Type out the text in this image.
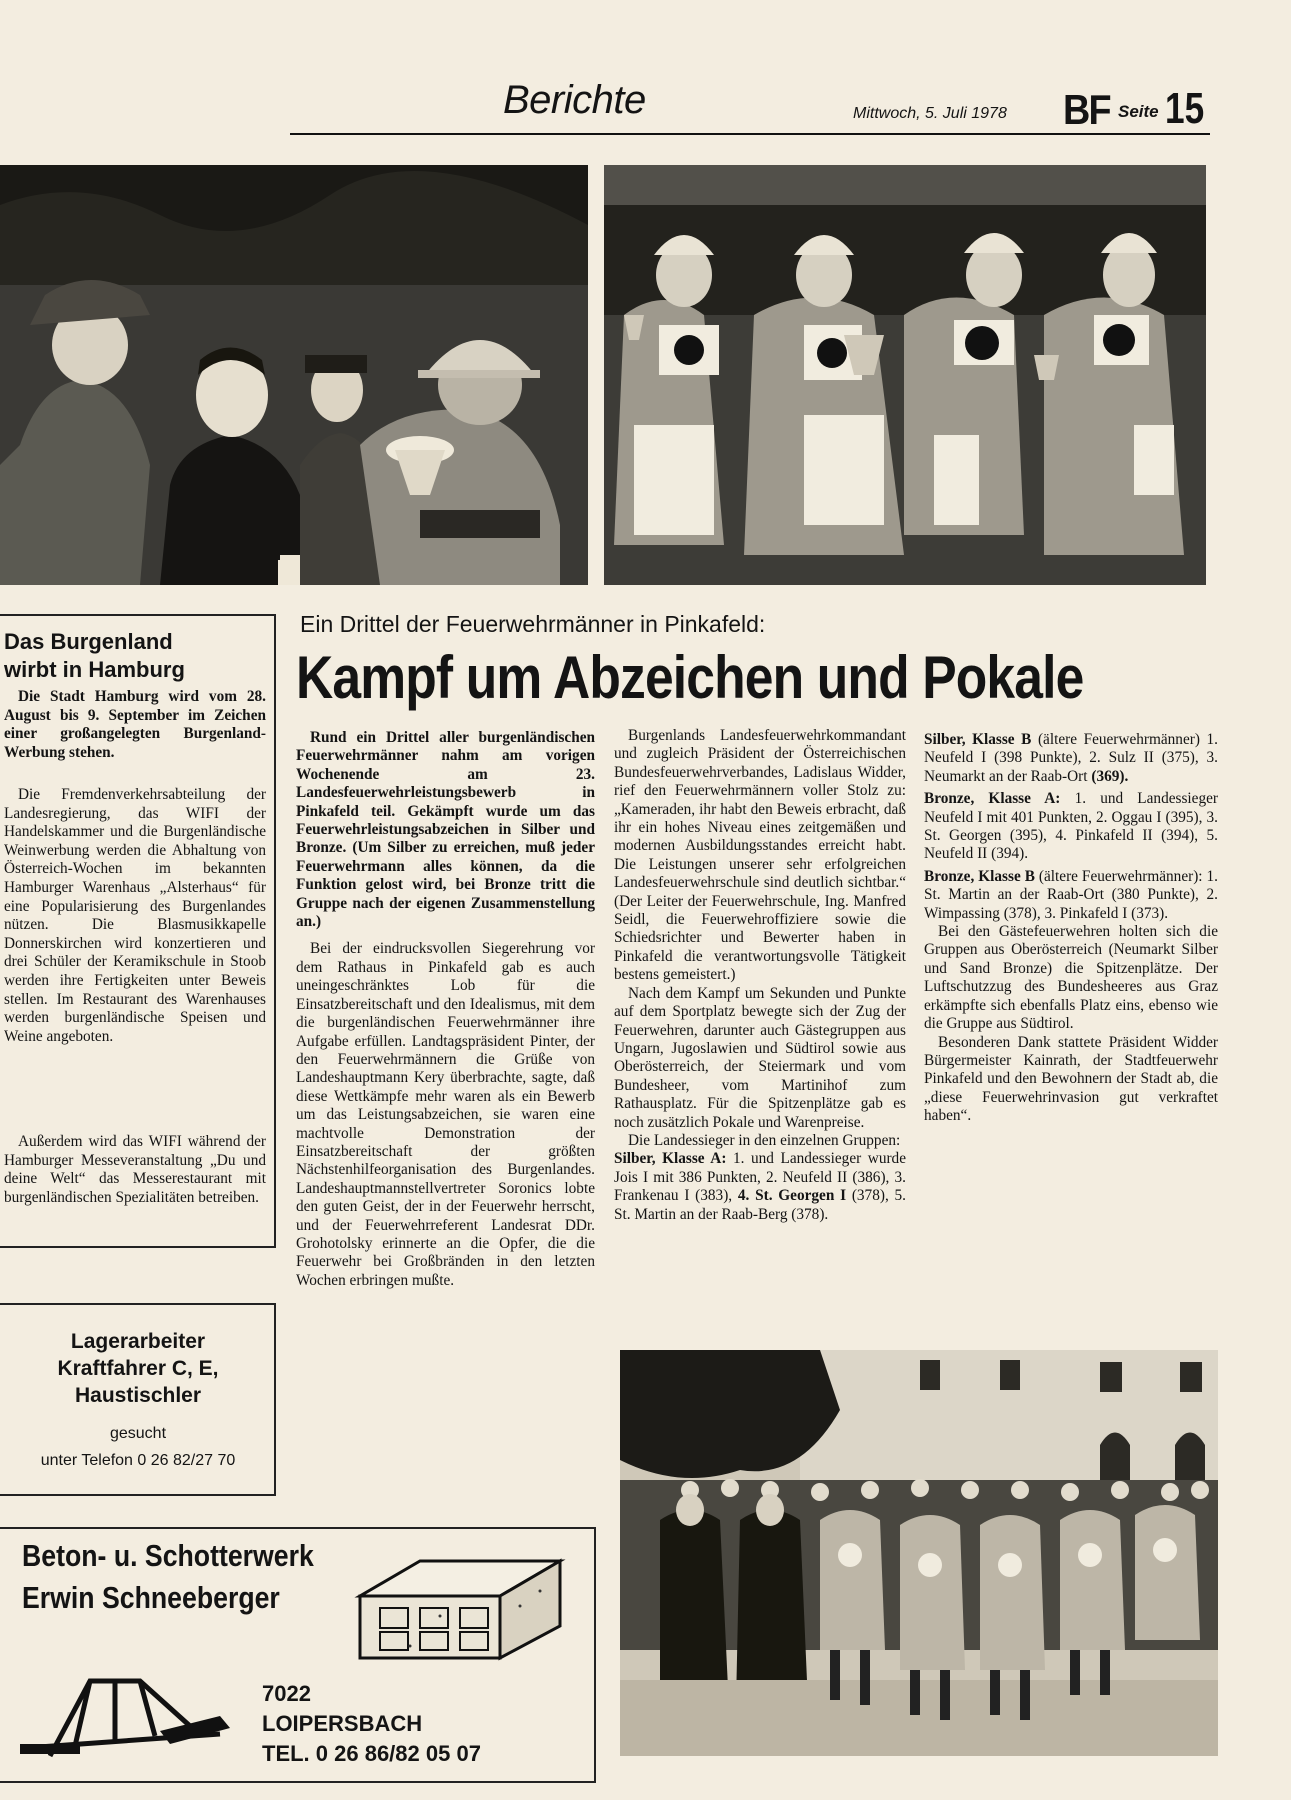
Berichte	Mittwoch, 5. Juli 1978 BF Seite 15
Das Burgenland
wirbt in Hamburg
Die Stadt Hamburg wird vom 28. August bis 9. September im Zeichen einer großangelegten Burgenland-Werbung stehen.
Die Fremdenverkehrsabteilung der Landesregierung, das WIFI der Handelskammer und die Burgenländische Weinwerbung werden die Abhaltung von Österreich-Wochen im bekannten Hamburger Warenhaus „Alsterhaus“ für eine Popularisierung des Burgenlandes nützen. Die Blasmusikkapelle Donnerskirchen wird konzertieren und drei Schüler der Keramikschule in Stoob werden ihre Fertigkeiten unter Beweis stellen. Im Restaurant des Warenhauses werden burgenländische Speisen und Weine angeboten.
Außerdem wird das WIFI während der Hamburger Messeveranstaltung „Du und deine Welt“ das Messerestaurant mit burgenländischen Spezialitäten betreiben.
Lagerarbeiter
Kraftfahrer C, E,
Haustischler
gesucht
unter Telefon 0 26 82/27 70
Beton- u. Schotterwerk
Erwin Schneeberger
7022
LOIPERSBACH
TEL. 0 26 86/82 05 07
Ein Drittel der Feuerwehrmänner in Pinkafeld:
Kampf um Abzeichen und Pokale

Rund ein Drittel aller burgenländischen Feuerwehrmänner nahm am vorigen Wochenende am 23. Landesfeuerwehrleistungsbewerb in Pinkafeld teil. Gekämpft wurde um das Feuerwehrleistungsabzeichen in Silber und Bronze. (Um Silber zu erreichen, muß jeder Feuerwehrmann alles können, da die Funktion gelost wird, bei Bronze tritt die Gruppe nach der eigenen Zusammenstellung an.)

Bei der eindrucksvollen Siegerehrung vor dem Rathaus in Pinkafeld gab es auch uneingeschränktes Lob für die Einsatzbereitschaft und den Idealismus, mit dem die burgenländischen Feuerwehrmänner ihre Aufgabe erfüllen. Landtagspräsident Pinter, der den Feuerwehrmännern die Grüße von Landeshauptmann Kery überbrachte, sagte, daß diese Wettkämpfe mehr waren als ein Bewerb um das Leistungsabzeichen, sie waren eine machtvolle Demonstration der Einsatzbereitschaft der größten Nächstenhilfeorganisation des Burgenlandes. Landeshauptmannstellvertreter Soronics lobte den guten Geist, der in der Feuerwehr herrscht, und der Feuerwehrreferent Landesrat DDr. Grohotolsky erinnerte an die Opfer, die die Feuerwehr bei Großbränden in den letzten Wochen erbringen mußte.

Burgenlands Landesfeuerwehrkommandant und zugleich Präsident der Österreichischen Bundesfeuerwehrverbandes, Ladislaus Widder, rief den Feuerwehrmännern voller Stolz zu: „Kameraden, ihr habt den Beweis erbracht, daß ihr ein hohes Niveau eines zeitgemäßen und modernen Ausbildungsstandes erreicht habt. Die Leistungen unserer sehr erfolgreichen Landesfeuerwehrschule sind deutlich sichtbar.“ (Der Leiter der Feuerwehrschule, Ing. Manfred Seidl, die Feuerwehroffiziere sowie die Schiedsrichter und Bewerter haben in Pinkafeld die verantwortungsvolle Tätigkeit bestens gemeistert.)

Nach dem Kampf um Sekunden und Punkte auf dem Sportplatz bewegte sich der Zug der Feuerwehren, darunter auch Gästegruppen aus Ungarn, Jugoslawien und Südtirol sowie aus Oberösterreich, der Steiermark und vom Bundesheer, vom Martinihof zum Rathausplatz. Für die Spitzenplätze gab es noch zusätzlich Pokale und Warenpreise.

Die Landessieger in den einzelnen Gruppen:

Silber, Klasse A: 1. und Landessieger wurde Jois I mit 386 Punkten, 2. Neufeld II (386), 3. Frankenau I (383), 4. St. Georgen I (378), 5. St. Martin an der Raab-Berg (378).

Silber, Klasse B (ältere Feuerwehrmänner) 1. Neufeld I (398 Punkte), 2. Sulz II (375), 3. Neumarkt an der Raab-Ort (369).

Bronze, Klasse A: 1. und Landessieger Neufeld I mit 401 Punkten, 2. Oggau I (395), 3. St. Georgen (395), 4. Pinkafeld II (394), 5. Neufeld II (394).

Bronze, Klasse B (ältere Feuerwehrmänner): 1. St. Martin an der Raab-Ort (380 Punkte), 2. Wimpassing (378), 3. Pinkafeld I (373).

Bei den Gästefeuerwehren holten sich die Gruppen aus Oberösterreich (Neumarkt Silber und Sand Bronze) die Spitzenplätze. Der Luftschutzzug des Bundesheeres aus Graz erkämpfte sich ebenfalls Platz eins, ebenso wie die Gruppe aus Südtirol.

Besonderen Dank stattete Präsident Widder Bürgermeister Kainrath, der Stadtfeuerwehr Pinkafeld und den Bewohnern der Stadt ab, die „diese Feuerwehrinvasion gut verkraftet haben“.
